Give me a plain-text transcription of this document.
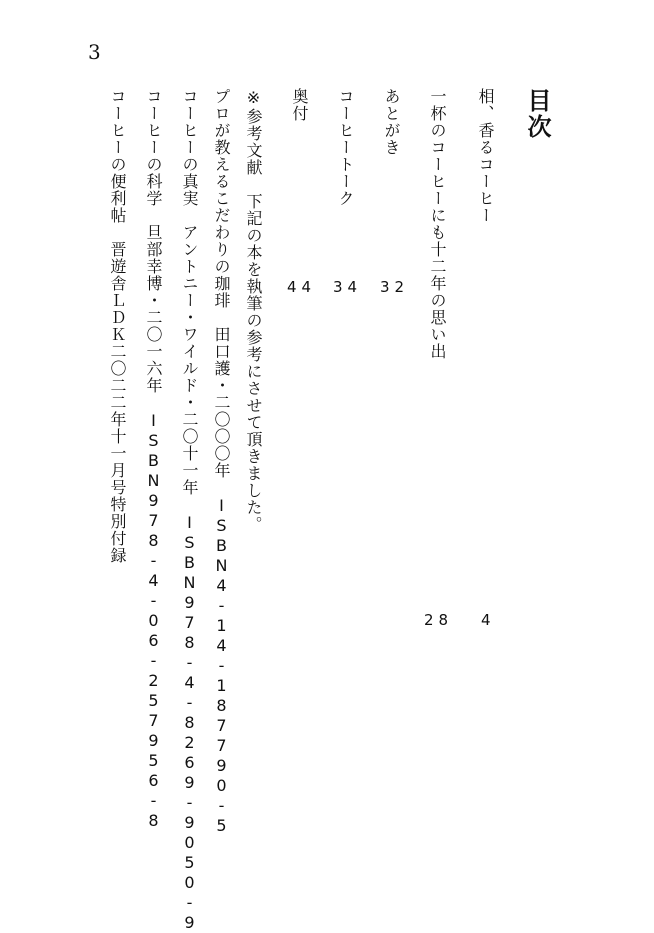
3
目次
相、香るコーヒー
4
一杯のコーヒーにも十二年の思い出
28
あとがき
32
コーヒートーク
34
奥付
44
※参考文献　下記の本を執筆の参考にさせて頂きました。
プロが教えるこだわりの珈琲　田口護・二〇〇〇年　ISBN4-14-187790-5
コーヒーの真実　アントニー・ワイルド・二〇十一年　ISBN978-4-8269-9050-9
コーヒーの科学　旦部幸博・二〇一六年　ISBN978-4-06-257956-8
コーヒーの便利帖　晋遊舎ＬＤＫ二〇二二年十一月号特別付録
